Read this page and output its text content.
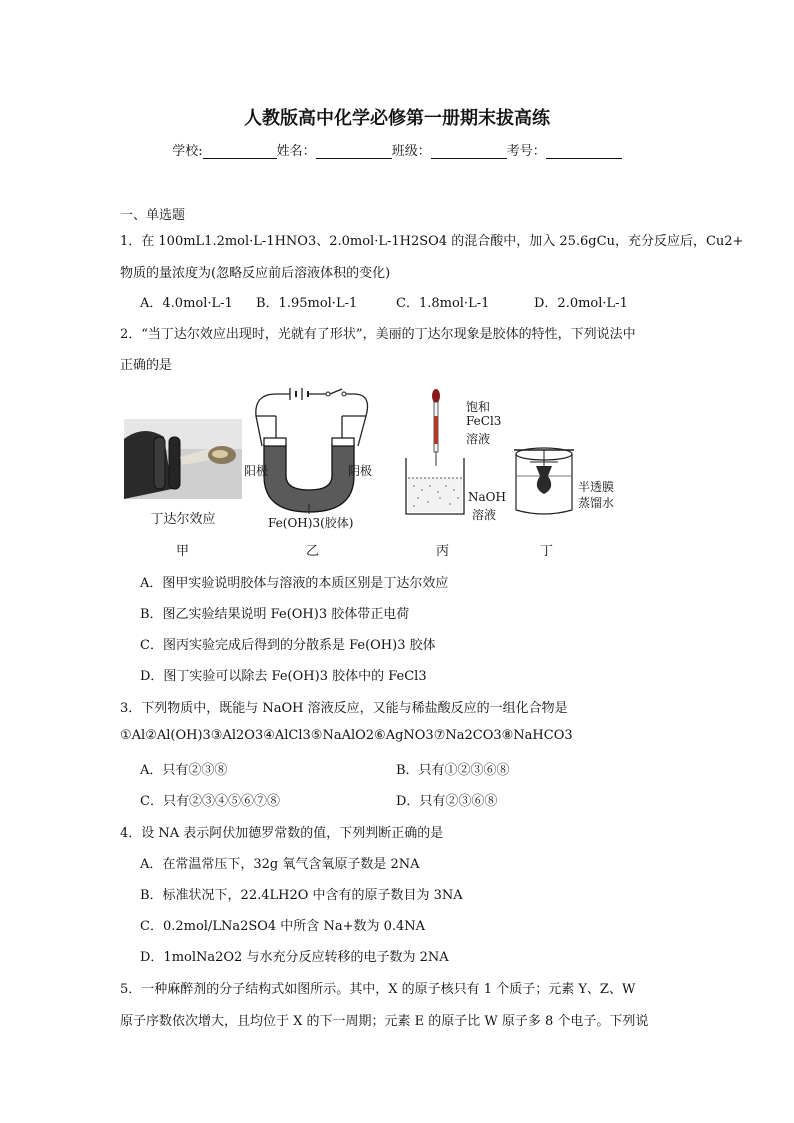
人教版高中化学必修第一册期末拔高练
学校:	姓名：	班级：	考号：
一、单选题
1．在 100mL1.2mol·L-1HNO3、2.0mol·L-1H2SO4 的混合酸中，加入 25.6gCu，充分反应后，Cu2+
物质的量浓度为(忽略反应前后溶液体积的变化)
A．4.0mol·L-1 B．1.95mol·L-1	C．1.8mol·L-1	D．2.0mol·L-1
2．“当丁达尔效应出现时，光就有了形状”，美丽的丁达尔现象是胶体的特性，下列说法中
正确的是
丁达尔效应
阳极	阴极
Fe(OH)3(胶体)
饱和
FeCl3
溶液
NaOH
溶液
半透膜
蒸馏水
甲	乙	丙	丁
A．图甲实验说明胶体与溶液的本质区别是丁达尔效应
B．图乙实验结果说明 Fe(OH)3 胶体带正电荷
C．图丙实验完成后得到的分散系是 Fe(OH)3 胶体
D．图丁实验可以除去 Fe(OH)3 胶体中的 FeCl3
3．下列物质中，既能与 NaOH 溶液反应，又能与稀盐酸反应的一组化合物是
①Al②Al(OH)3③Al2O3④AlCl3⑤NaAlO2⑥AgNO3⑦Na2CO3⑧NaHCO3
A．只有②③⑧	B．只有①②③⑥⑧
C．只有②③④⑤⑥⑦⑧	D．只有②③⑥⑧
4．设 NA 表示阿伏加德罗常数的值，下列判断正确的是
A．在常温常压下，32g 氧气含氧原子数是 2NA
B．标准状况下，22.4LH2O 中含有的原子数目为 3NA
C．0.2mol/LNa2SO4 中所含 Na+数为 0.4NA
D．1molNa2O2 与水充分反应转移的电子数为 2NA
5．一种麻醉剂的分子结构式如图所示。其中，X 的原子核只有 1 个质子；元素 Y、Z、W
原子序数依次增大，且均位于 X 的下一周期；元素 E 的原子比 W 原子多 8 个电子。下列说
